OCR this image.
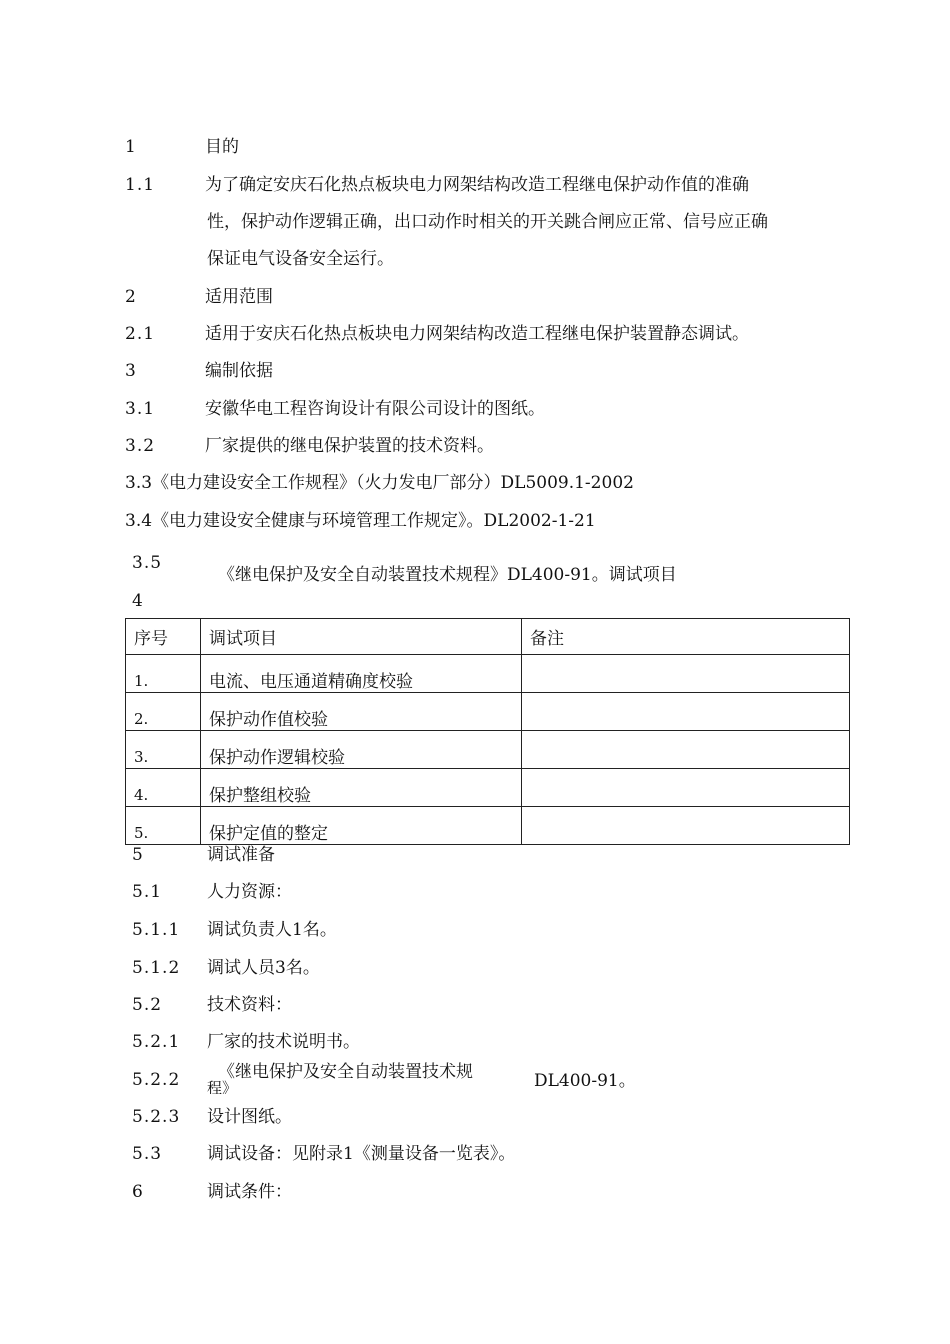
1	目的
1.1	为了确定安庆石化热点板块电力网架结构改造工程继电保护动作值的准确
性，保护动作逻辑正确，出口动作时相关的开关跳合闸应正常、信号应正确
保证电气设备安全运行。
2	适用范围
2.1	适用于安庆石化热点板块电力网架结构改造工程继电保护装置静态调试。
3	编制依据
3.1	安徽华电工程咨询设计有限公司设计的图纸。
3.2	厂家提供的继电保护装置的技术资料。
3.3《电力建设安全工作规程》（火力发电厂部分）DL5009.1-2002
3.4《电力建设安全健康与环境管理工作规定》。DL2002-1-21
3.5
《继电保护及安全自动装置技术规程》DL400-91。调试项目
4
序号	调试项目	备注
1.	电流、电压通道精确度校验	
2.	保护动作值校验	
3.	保护动作逻辑校验	
4.	保护整组校验	
5.	保护定值的整定	
5	调试准备
5.1	人力资源：
5.1.1 调试负责人1名。
5.1.2 调试人员3名。
5.2	技术资料：
5.2.1 厂家的技术说明书。
5.2.2 《继电保护及安全自动装置技术规
程》	DL400-91。
5.2.3 设计图纸。
5.3	调试设备：见附录1《测量设备一览表》。
6	调试条件：
